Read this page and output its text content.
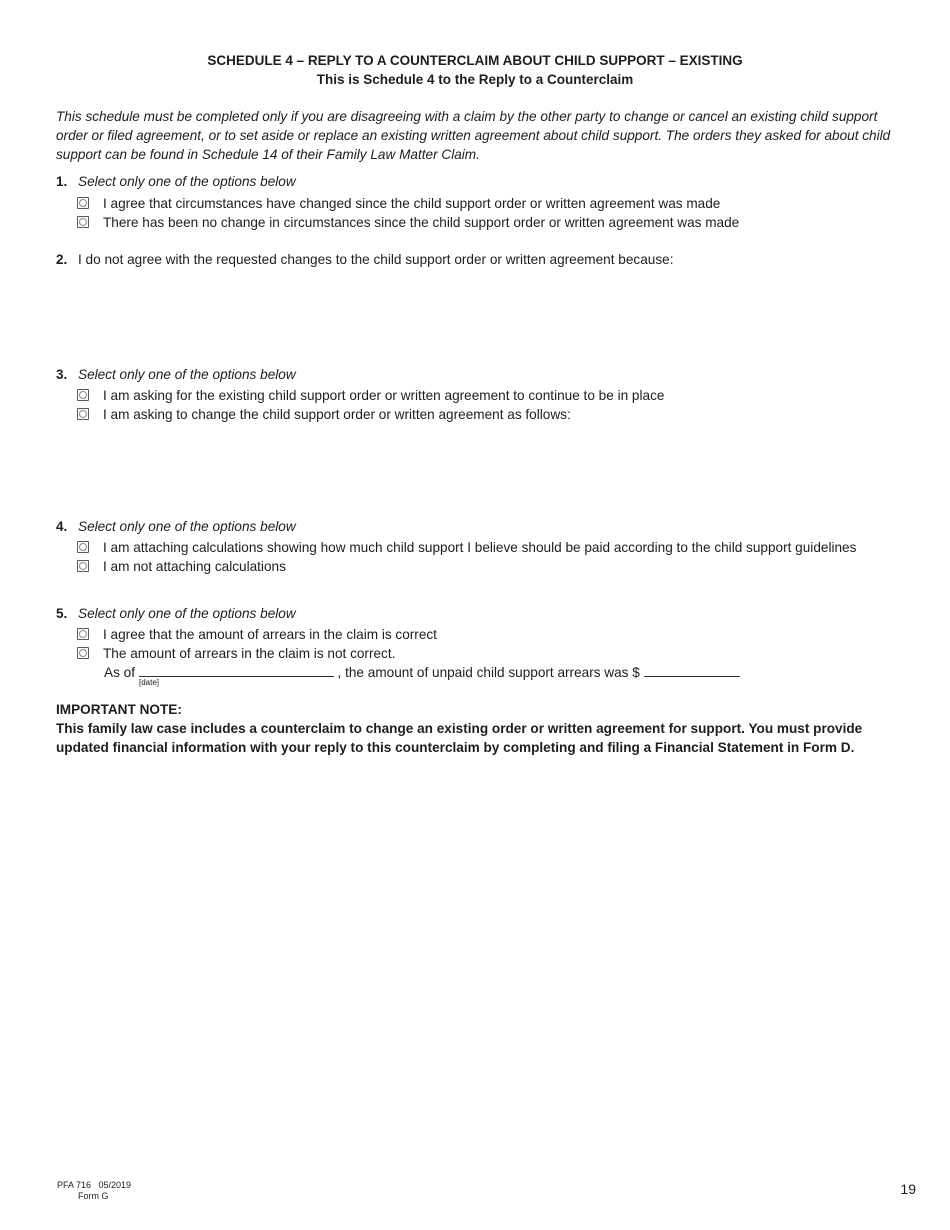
SCHEDULE 4 – REPLY TO A COUNTERCLAIM ABOUT CHILD SUPPORT – EXISTING
This is Schedule 4 to the Reply to a Counterclaim
This schedule must be completed only if you are disagreeing with a claim by the other party to change or cancel an existing child support order or filed agreement, or to set aside or replace an existing written agreement about child support. The orders they asked for about child support can be found in Schedule 14 of their Family Law Matter Claim.
1. Select only one of the options below
I agree that circumstances have changed since the child support order or written agreement was made
There has been no change in circumstances since the child support order or written agreement was made
2. I do not agree with the requested changes to the child support order or written agreement because:
3. Select only one of the options below
I am asking for the existing child support order or written agreement to continue to be in place
I am asking to change the child support order or written agreement as follows:
4. Select only one of the options below
I am attaching calculations showing how much child support I believe should be paid according to the child support guidelines
I am not attaching calculations
5. Select only one of the options below
I agree that the amount of arrears in the claim is correct
The amount of arrears in the claim is not correct.
As of	, the amount of unpaid child support arrears was $
[date]
IMPORTANT NOTE:
This family law case includes a counterclaim to change an existing order or written agreement for support. You must provide updated financial information with your reply to this counterclaim by completing and filing a Financial Statement in Form D.
PFA 716   05/2019
Form G	19
